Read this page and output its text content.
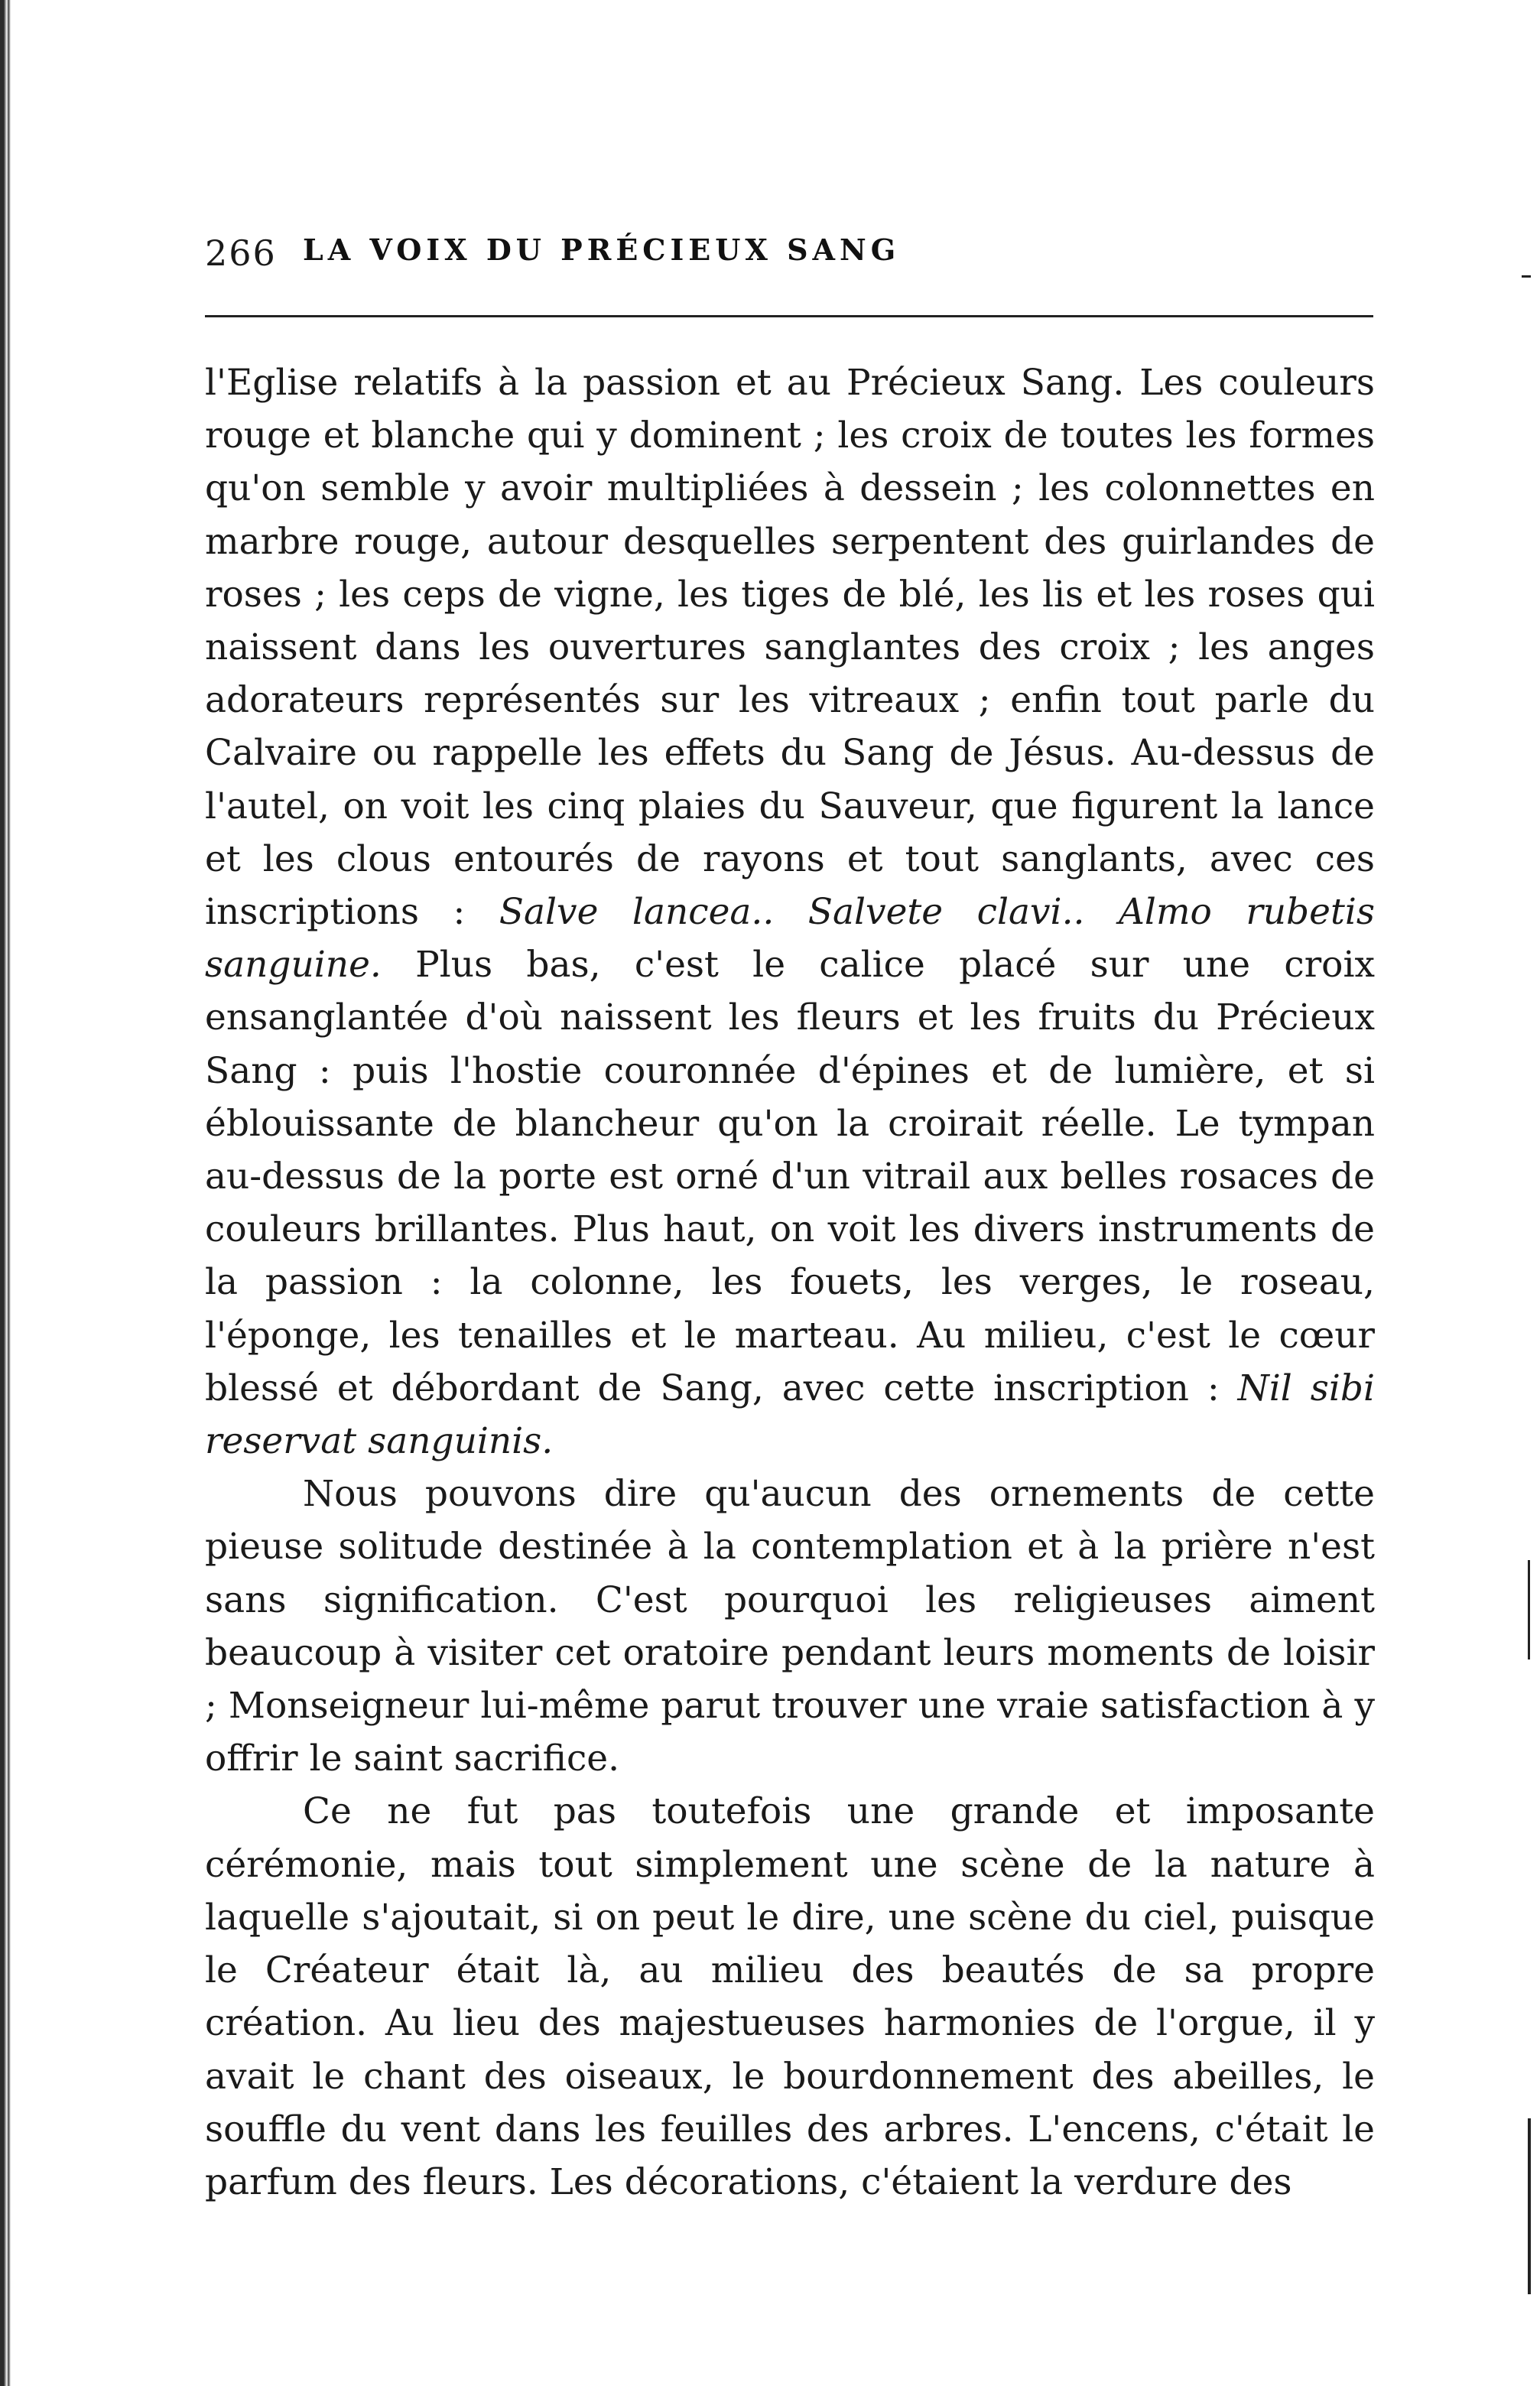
266 LA VOIX DU PRÉCIEUX SANG

l'Eglise relatifs à la passion et au Précieux Sang. Les couleurs rouge et blanche qui y dominent ; les croix de toutes les formes qu'on semble y avoir multipliées à dessein ; les colonnettes en marbre rouge, autour desquelles serpentent des guirlandes de roses ; les ceps de vigne, les tiges de blé, les lis et les roses qui naissent dans les ouvertures sanglantes des croix ; les anges adorateurs représentés sur les vitreaux ; enfin tout parle du Calvaire ou rappelle les effets du Sang de Jésus. Au-dessus de l'autel, on voit les cinq plaies du Sauveur, que figurent la lance et les clous entourés de rayons et tout sanglants, avec ces inscriptions : Salve lancea.. Salvete clavi.. Almo rubetis sanguine. Plus bas, c'est le calice placé sur une croix ensanglantée d'où naissent les fleurs et les fruits du Précieux Sang : puis l'hostie couronnée d'épines et de lumière, et si éblouissante de blancheur qu'on la croirait réelle. Le tympan au-dessus de la porte est orné d'un vitrail aux belles rosaces de couleurs brillantes. Plus haut, on voit les divers instruments de la passion : la colonne, les fouets, les verges, le roseau, l'éponge, les tenailles et le marteau. Au milieu, c'est le cœur blessé et débordant de Sang, avec cette inscription : Nil sibi reservat sanguinis.

Nous pouvons dire qu'aucun des ornements de cette pieuse solitude destinée à la contemplation et à la prière n'est sans signification. C'est pourquoi les religieuses aiment beaucoup à visiter cet oratoire pendant leurs moments de loisir ; Monseigneur lui-même parut trouver une vraie satisfaction à y offrir le saint sacrifice.

Ce ne fut pas toutefois une grande et imposante cérémonie, mais tout simplement une scène de la nature à laquelle s'ajoutait, si on peut le dire, une scène du ciel, puisque le Créateur était là, au milieu des beautés de sa propre création. Au lieu des majestueuses harmonies de l'orgue, il y avait le chant des oiseaux, le bourdonnement des abeilles, le souffle du vent dans les feuilles des arbres. L'encens, c'était le parfum des fleurs. Les décorations, c'étaient la verdure des
